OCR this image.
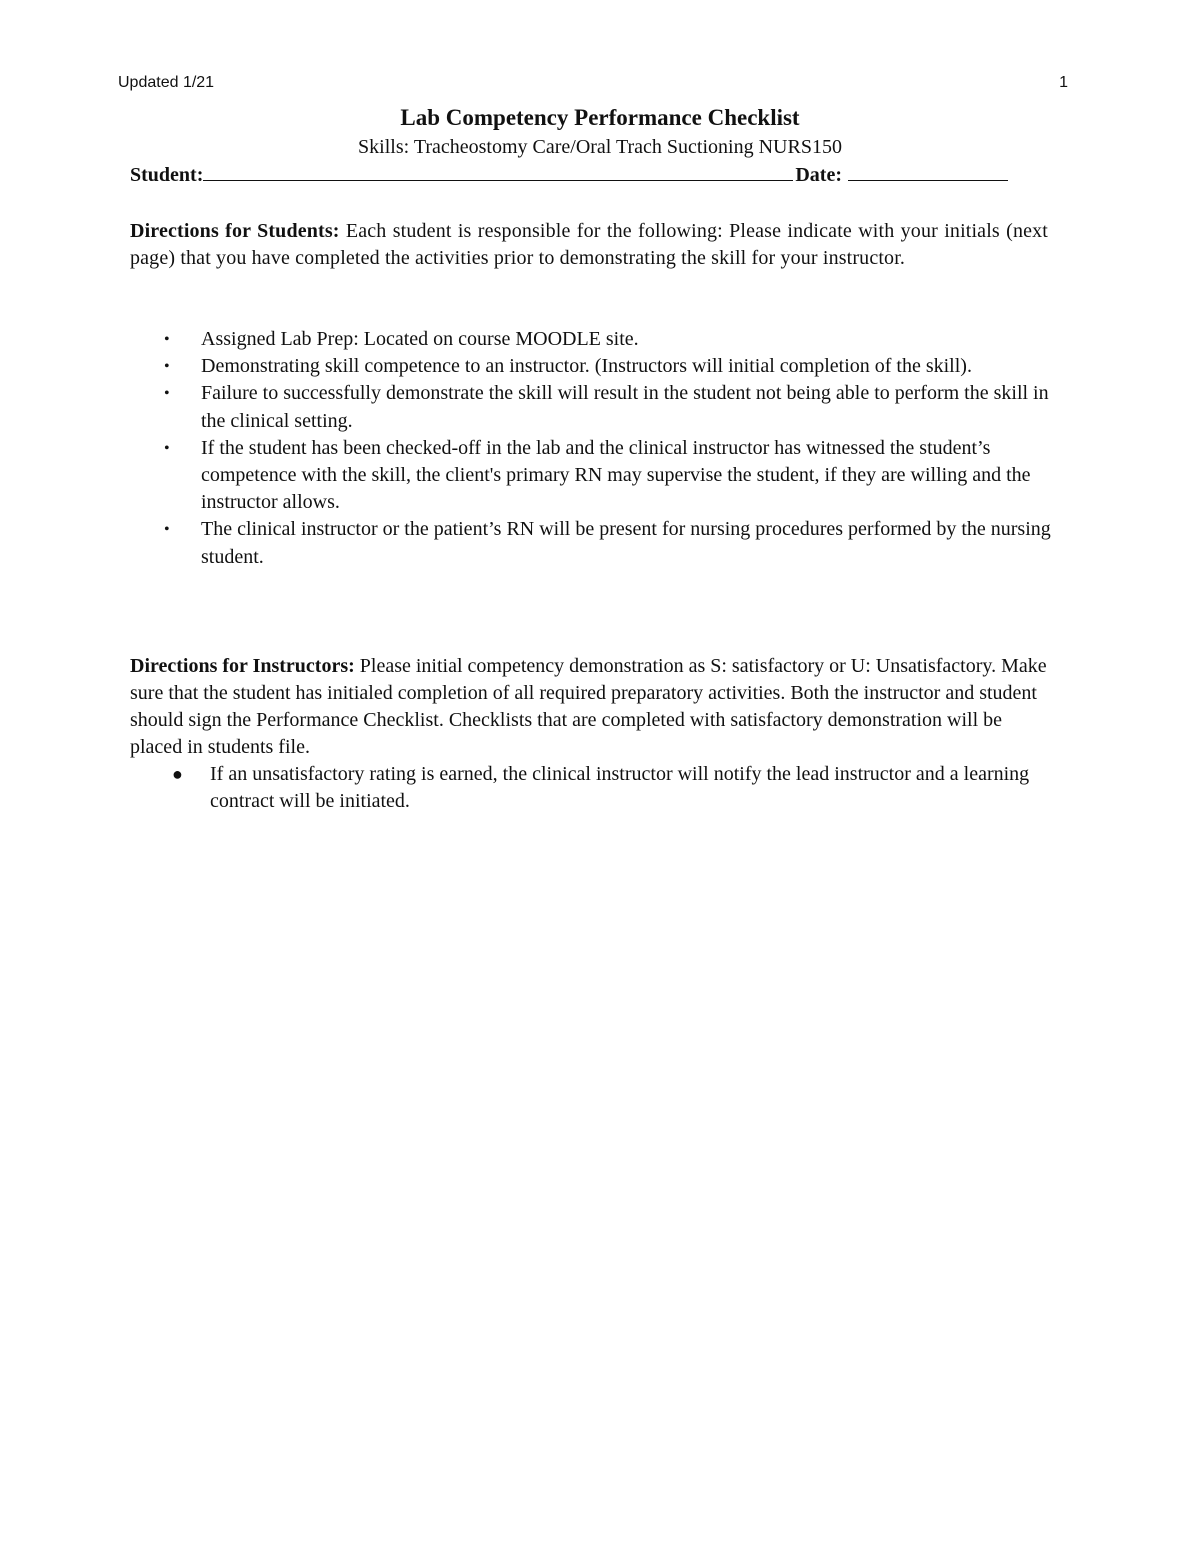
Updated 1/21	1
Lab Competency Performance Checklist
Skills: Tracheostomy Care/Oral Trach Suctioning NURS150
Student:	Date:
Directions for Students: Each student is responsible for the following: Please indicate with your initials (next page) that you have completed the activities prior to demonstrating the skill for your instructor.
• Assigned Lab Prep: Located on course MOODLE site.
• Demonstrating skill competence to an instructor. (Instructors will initial completion of the skill).
• Failure to successfully demonstrate the skill will result in the student not being able to perform the skill in the clinical setting.
• If the student has been checked-off in the lab and the clinical instructor has witnessed the student’s competence with the skill, the client's primary RN may supervise the student, if they are willing and the instructor allows.
• The clinical instructor or the patient’s RN will be present for nursing procedures performed by the nursing student.
Directions for Instructors: Please initial competency demonstration as S: satisfactory or U: Unsatisfactory. Make sure that the student has initialed completion of all required preparatory activities. Both the instructor and student should sign the Performance Checklist. Checklists that are completed with satisfactory demonstration will be placed in students file.
● If an unsatisfactory rating is earned, the clinical instructor will notify the lead instructor and a learning contract will be initiated.
